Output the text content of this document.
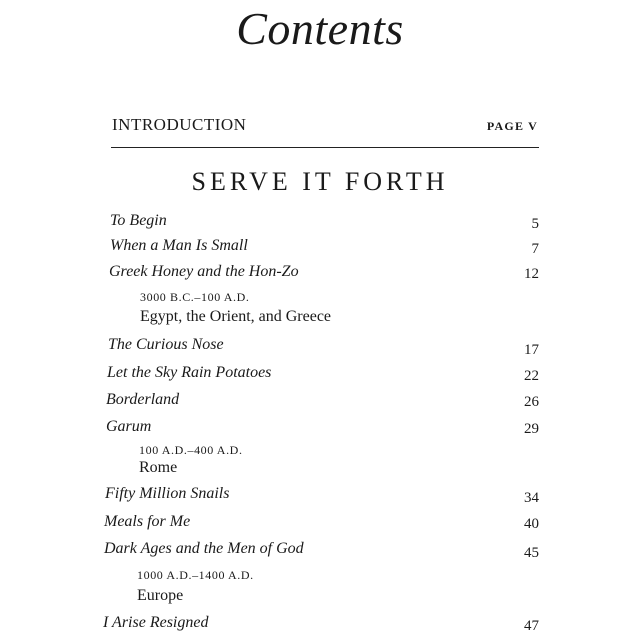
Contents
INTRODUCTION	PAGE V
SERVE IT FORTH
To Begin	5
When a Man Is Small	7
Greek Honey and the Hon-Zo	12
3000 B.C.–100 A.D.
Egypt, the Orient, and Greece
The Curious Nose	17
Let the Sky Rain Potatoes	22
Borderland	26
Garum	29
100 A.D.–400 A.D.
Rome
Fifty Million Snails	34
Meals for Me	40
Dark Ages and the Men of God	45
1000 A.D.–1400 A.D.
Europe
I Arise Resigned	47
